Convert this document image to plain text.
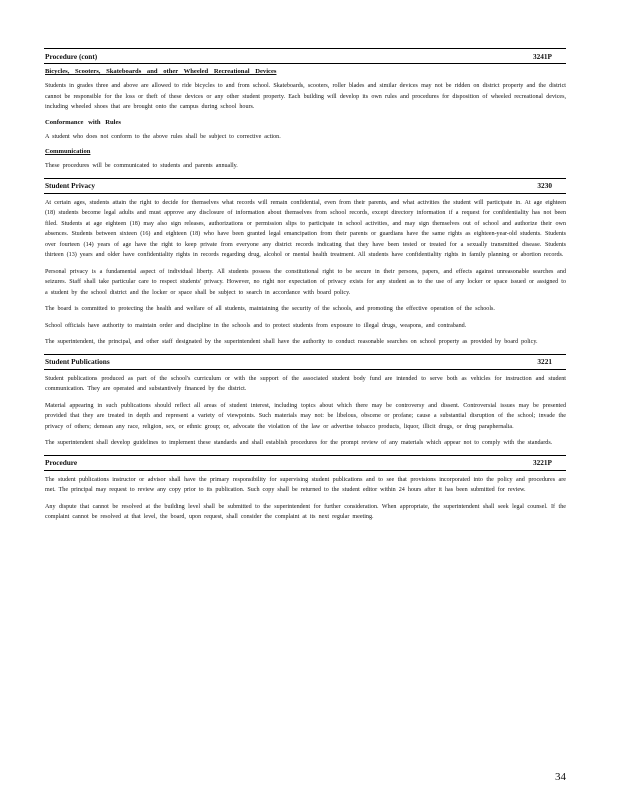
Procedure (cont)	3241P
Bicycles, Scooters, Skateboards and other Wheeled Recreational Devices

Students in grades three and above are allowed to ride bicycles to and from school. Skateboards, scooters, roller blades and similar devices may not be ridden on district property and the district cannot be responsible for the loss or theft of these devices or any other student property. Each building will develop its own rules and procedures for disposition of wheeled recreational devices, including wheeled shoes that are brought onto the campus during school hours.

Conformance with Rules

A student who does not conform to the above rules shall be subject to corrective action.

Communication

These procedures will be communicated to students and parents annually.

Student Privacy	3230

At certain ages, students attain the right to decide for themselves what records will remain confidential, even from their parents, and what activities the student will participate in. At age eighteen (18) students become legal adults and must approve any disclosure of information about themselves from school records, except directory information if a request for confidentiality has not been filed. Students at age eighteen (18) may also sign releases, authorizations or permission slips to participate in school activities, and may sign themselves out of school and authorize their own absences. Students between sixteen (16) and eighteen (18) who have been granted legal emancipation from their parents or guardians have the same rights as eighteen-year-old students. Students over fourteen (14) years of age have the right to keep private from everyone any district records indicating that they have been tested or treated for a sexually transmitted disease. Students thirteen (13) years and older have confidentiality rights in records regarding drug, alcohol or mental health treatment. All students have confidentiality rights in family planning or abortion records.

Personal privacy is a fundamental aspect of individual liberty. All students possess the constitutional right to be secure in their persons, papers, and effects against unreasonable searches and seizures. Staff shall take particular care to respect students' privacy. However, no right nor expectation of privacy exists for any student as to the use of any locker or space issued or assigned to a student by the school district and the locker or space shall be subject to search in accordance with board policy.

The board is committed to protecting the health and welfare of all students, maintaining the security of the schools, and promoting the effective operation of the schools.

School officials have authority to maintain order and discipline in the schools and to protect students from exposure to illegal drugs, weapons, and contraband.

The superintendent, the principal, and other staff designated by the superintendent shall have the authority to conduct reasonable searches on school property as provided by board policy.

Student Publications	3221

Student publications produced as part of the school's curriculum or with the support of the associated student body fund are intended to serve both as vehicles for instruction and student communication. They are operated and substantively financed by the district.

Material appearing in such publications should reflect all areas of student interest, including topics about which there may be controversy and dissent. Controversial issues may be presented provided that they are treated in depth and represent a variety of viewpoints. Such materials may not: be libelous, obscene or profane; cause a substantial disruption of the school; invade the privacy of others; demean any race, religion, sex, or ethnic group; or, advocate the violation of the law or advertise tobacco products, liquor, illicit drugs, or drug paraphernalia.

The superintendent shall develop guidelines to implement these standards and shall establish procedures for the prompt review of any materials which appear not to comply with the standards.

Procedure	3221P

The student publications instructor or advisor shall have the primary responsibility for supervising student publications and to see that provisions incorporated into the policy and procedures are met. The principal may request to review any copy prior to its publication. Such copy shall be returned to the student editor within 24 hours after it has been submitted for review.

Any dispute that cannot be resolved at the building level shall be submitted to the superintendent for further consideration. When appropriate, the superintendent shall seek legal counsel. If the complaint cannot be resolved at that level, the board, upon request, shall consider the complaint at its next regular meeting.

34
